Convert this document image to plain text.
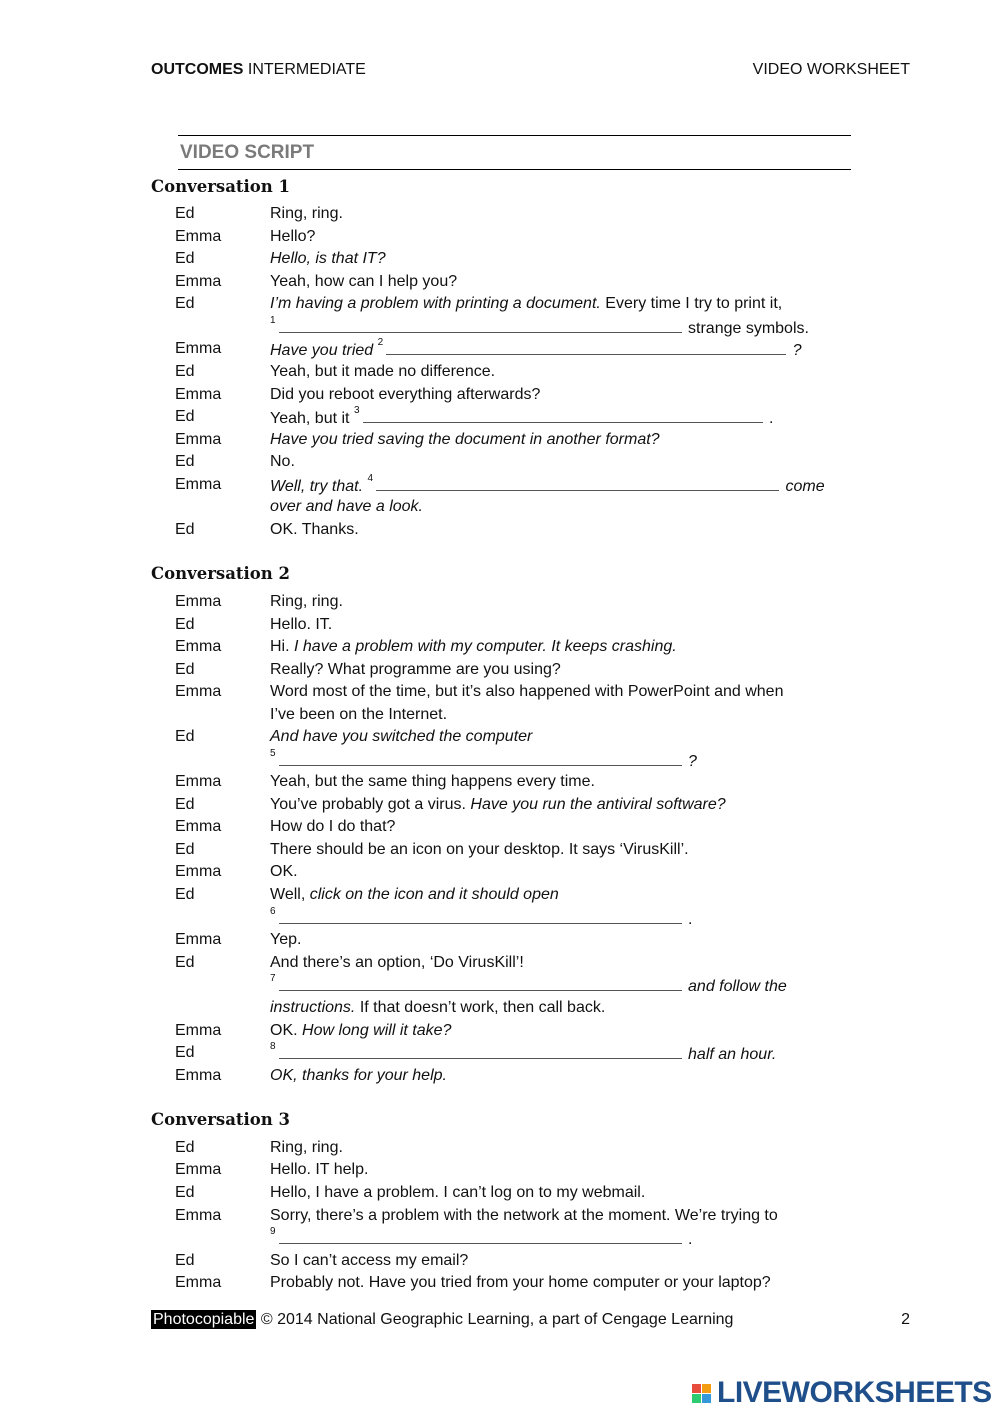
OUTCOMES INTERMEDIATE	VIDEO WORKSHEET
VIDEO SCRIPT
Conversation 1
Ed	Ring, ring.
Emma	Hello?
Ed	Hello, is that IT?
Emma	Yeah, how can I help you?
Ed	I’m having a problem with printing a document. Every time I try to print it,
$^1$	strange symbols.
Emma	Have you tried $^2$	?
Ed	Yeah, but it made no difference.
Emma	Did you reboot everything afterwards?
Ed	Yeah, but it $^3$	.
Emma	Have you tried saving the document in another format?
Ed	No.
Emma	Well, try that. $^4$	come
over and have a look.
Ed	OK. Thanks.
Conversation 2
Emma	Ring, ring.
Ed	Hello. IT.
Emma	Hi. I have a problem with my computer. It keeps crashing.
Ed	Really? What programme are you using?
Emma	Word most of the time, but it’s also happened with PowerPoint and when
I’ve been on the Internet.
Ed	And have you switched the computer
$^5$	?
Emma	Yeah, but the same thing happens every time.
Ed	You’ve probably got a virus. Have you run the antiviral software?
Emma	How do I do that?
Ed	There should be an icon on your desktop. It says ‘VirusKill’.
Emma	OK.
Ed	Well, click on the icon and it should open
$^6$	.
Emma	Yep.
Ed	And there’s an option, ‘Do VirusKill’!
$^7$	and follow the
instructions. If that doesn’t work, then call back.
Emma	OK. How long will it take?
Ed	$^8$	half an hour.
Emma	OK, thanks for your help.
Conversation 3
Ed	Ring, ring.
Emma	Hello. IT help.
Ed	Hello, I have a problem. I can’t log on to my webmail.
Emma	Sorry, there’s a problem with the network at the moment. We’re trying to
$^9$	.
Ed	So I can’t access my email?
Emma	Probably not. Have you tried from your home computer or your laptop?
Photocopiable © 2014 National Geographic Learning, a part of Cengage Learning	2
LIVEWORKSHEETS
